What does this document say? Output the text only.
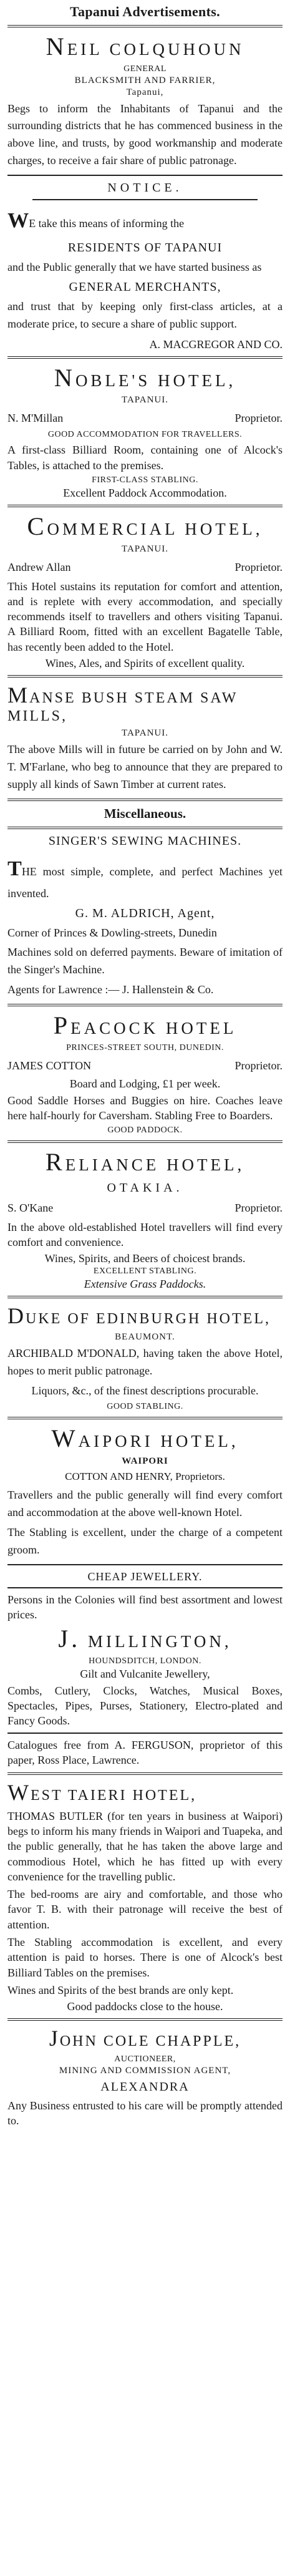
Tapanui Advertisements.
NEIL COLQUHOUN
GENERAL
BLACKSMITH AND FARRIER,
Tapanui,

Begs to inform the Inhabitants of Tapanui and the surrounding districts that he has commenced business in the above line, and trusts, by good workmanship and moderate charges, to receive a fair share of public patronage.

NOTICE.

WE take this means of informing the

RESIDENTS OF TAPANUI

and the Public generally that we have started business as

GENERAL MERCHANTS,

and trust that by keeping only first-class articles, at a moderate price, to secure a share of public support.

A. MACGREGOR AND CO.
NOBLE'S HOTEL,
TAPANUI.
N. M'Millan	Proprietor.
GOOD ACCOMMODATION FOR TRAVELLERS.

A first-class Billiard Room, containing one of Alcock's Tables, is attached to the premises.

FIRST-CLASS STABLING.
Excellent Paddock Accommodation.
COMMERCIAL HOTEL,
TAPANUI.
Andrew Allan	Proprietor.

This Hotel sustains its reputation for comfort and attention, and is replete with every accommodation, and specially recommends itself to travellers and others visiting Tapanui. A Billiard Room, fitted with an excellent Bagatelle Table, has recently been added to the Hotel.

Wines, Ales, and Spirits of excellent quality.
MANSE BUSH STEAM SAW MILLS,
TAPANUI.

The above Mills will in future be carried on by John and W. T. M'Farlane, who beg to announce that they are prepared to supply all kinds of Sawn Timber at current rates.

Miscellaneous.
SINGER'S SEWING MACHINES.

THE most simple, complete, and perfect Machines yet invented.

G. M. ALDRICH, Agent,

Corner of Princes & Dowling-streets, Dunedin

Machines sold on deferred payments. Beware of imitation of the Singer's Machine.

Agents for Lawrence :— J. Hallenstein & Co.

PEACOCK HOTEL
PRINCES-STREET SOUTH, DUNEDIN.
JAMES COTTON	Proprietor.
Board and Lodging, £1 per week.

Good Saddle Horses and Buggies on hire. Coaches leave here half-hourly for Caversham. Stabling Free to Boarders.

GOOD PADDOCK.
RELIANCE HOTEL,
OTAKIA.
S. O'Kane	Proprietor.

In the above old-established Hotel travellers will find every comfort and convenience.

Wines, Spirits, and Beers of choicest brands.
EXCELLENT STABLING.
Extensive Grass Paddocks.
DUKE OF EDINBURGH HOTEL,
BEAUMONT.

ARCHIBALD M'DONALD, having taken the above Hotel, hopes to merit public patronage.

Liquors, &c., of the finest descriptions procurable.

GOOD STABLING.
WAIPORI HOTEL,
WAIPORI
COTTON AND HENRY, Proprietors.

Travellers and the public generally will find every comfort and accommodation at the above well-known Hotel.

The Stabling is excellent, under the charge of a competent groom.

CHEAP JEWELLERY.

Persons in the Colonies will find best assortment and lowest prices.

J. MILLINGTON,
HOUNDSDITCH, LONDON.
Gilt and Vulcanite Jewellery,

Combs, Cutlery, Clocks, Watches, Musical Boxes, Spectacles, Pipes, Purses, Stationery, Electro-plated and Fancy Goods.

Catalogues free from A. FERGUSON, proprietor of this paper, Ross Place, Lawrence.

WEST TAIERI HOTEL,

THOMAS BUTLER (for ten years in business at Waipori) begs to inform his many friends in Waipori and Tuapeka, and the public generally, that he has taken the above large and commodious Hotel, which he has fitted up with every convenience for the travelling public.

The bed-rooms are airy and comfortable, and those who favor T. B. with their patronage will receive the best of attention.

The Stabling accommodation is excellent, and every attention is paid to horses. There is one of Alcock's best Billiard Tables on the premises.

Wines and Spirits of the best brands are only kept.

Good paddocks close to the house.
JOHN COLE CHAPPLE,
AUCTIONEER,
MINING AND COMMISSION AGENT,
ALEXANDRA

Any Business entrusted to his care will be promptly attended to.
